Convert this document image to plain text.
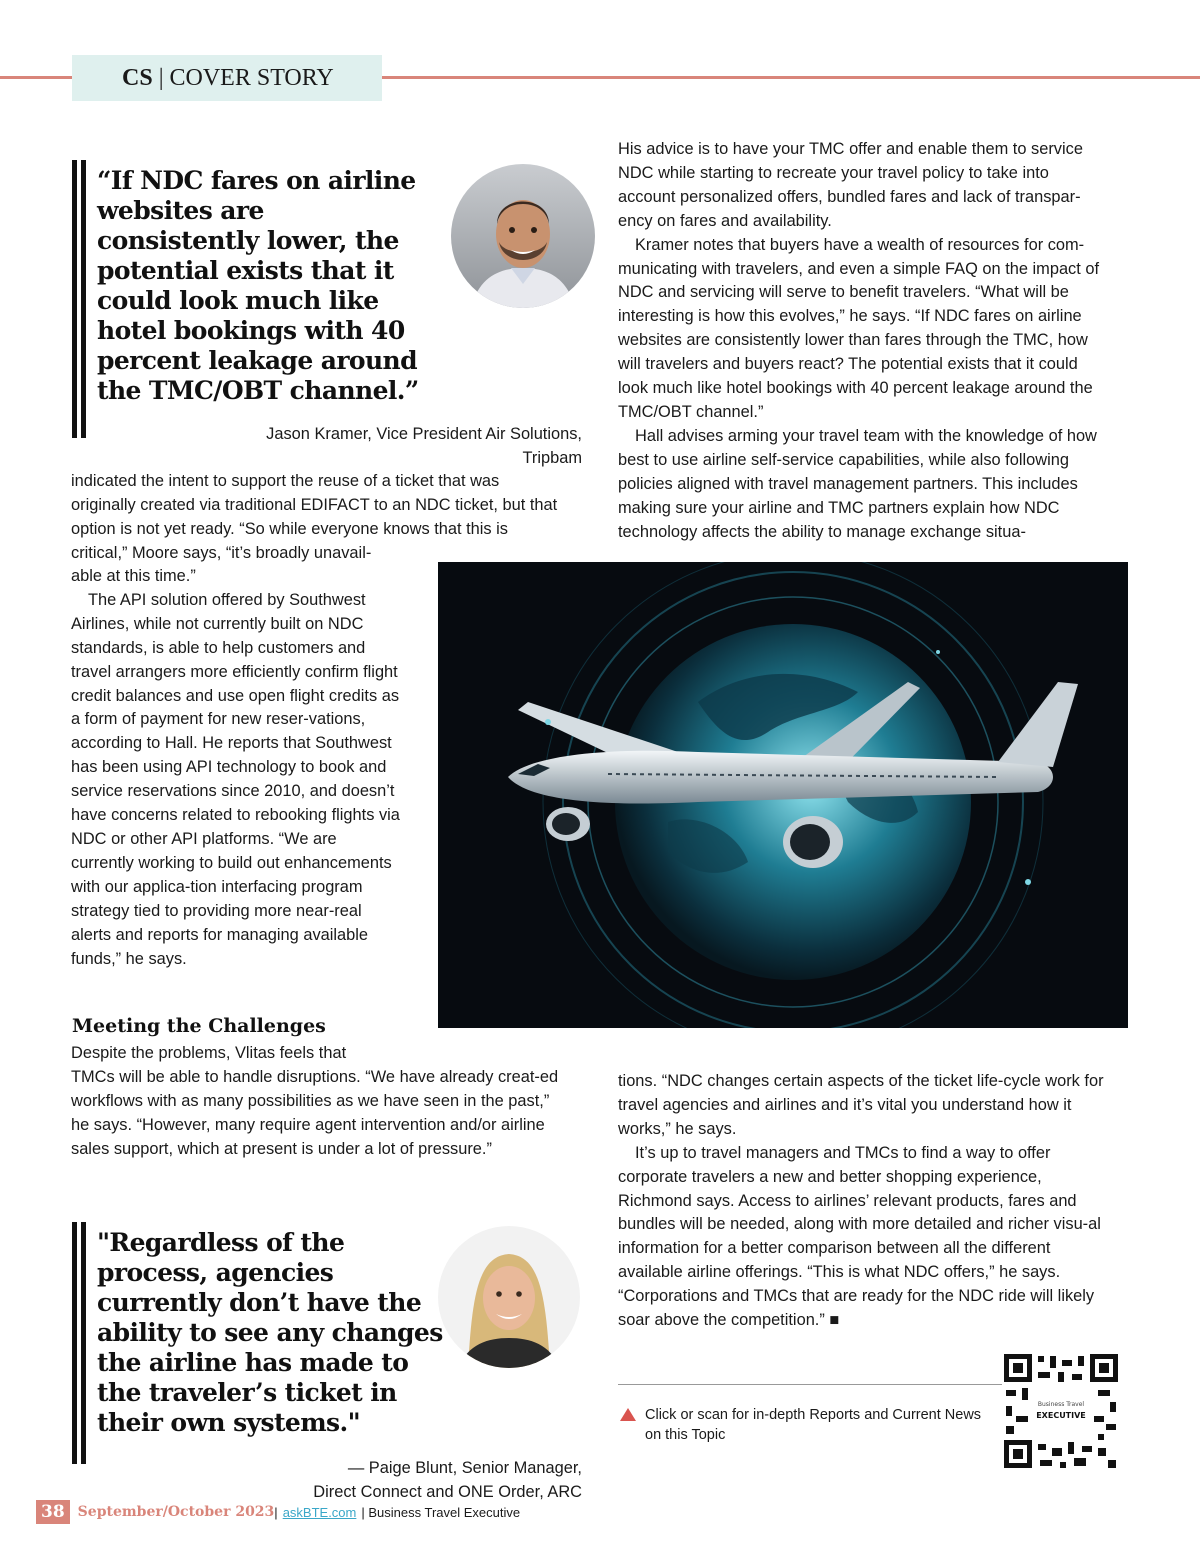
CS | COVER STORY
“If NDC fares on airline websites are consistently lower, the potential exists that it could look much like hotel bookings with 40 percent leakage around the TMC/OBT channel.”
Jason Kramer, Vice President Air Solutions,
Tripbam

indicated the intent to support the reuse of a ticket that was originally created via traditional EDIFACT to an NDC ticket, but that option is not yet ready. “So while everyone knows that this is critical,” Moore says, “it’s broadly unavail-

able at this time.”

The API solution offered by Southwest Airlines, while not currently built on NDC standards, is able to help customers and travel arrangers more efficiently confirm flight credit balances and use open flight credits as a form of payment for new reser-vations, according to Hall. He reports that Southwest has been using API technology to book and service reservations since 2010, and doesn’t have concerns related to rebooking flights via NDC or other API platforms. “We are currently working to build out enhancements with our applica-tion interfacing program strategy tied to providing more near-real alerts and reports for managing available funds,” he says.

Meeting the Challenges

Despite the problems, Vlitas feels that

TMCs will be able to handle disruptions. “We have already creat-ed workflows with as many possibilities as we have seen in the past,” he says. “However, many require agent intervention and/or airline sales support, which at present is under a lot of pressure.”

His advice is to have your TMC offer and enable them to service NDC while starting to recreate your travel policy to take into account personalized offers, bundled fares and lack of transpar-ency on fares and availability.

Kramer notes that buyers have a wealth of resources for com-municating with travelers, and even a simple FAQ on the impact of NDC and servicing will serve to benefit travelers. “What will be interesting is how this evolves,” he says. “If NDC fares on airline websites are consistently lower than fares through the TMC, how will travelers and buyers react? The potential exists that it could look much like hotel bookings with 40 percent leakage around the TMC/OBT channel.”

Hall advises arming your travel team with the knowledge of how best to use airline self-service capabilities, while also following policies aligned with travel management partners. This includes making sure your airline and TMC partners explain how NDC technology affects the ability to manage exchange situa-

tions. “NDC changes certain aspects of the ticket life-cycle work for travel agencies and airlines and it’s vital you understand how it works,” he says.

It’s up to travel managers and TMCs to find a way to offer corporate travelers a new and better shopping experience, Richmond says. Access to airlines’ relevant products, fares and bundles will be needed, along with more detailed and richer visu-al information for a better comparison between all the different available airline offerings. “This is what NDC offers,” he says. “Corporations and TMCs that are ready for the NDC ride will likely soar above the competition.” ■

"Regardless of the process, agencies currently don’t have the ability to see any changes the airline has made to the traveler’s ticket in their own systems."
— Paige Blunt, Senior Manager,
Direct Connect and ONE Order, ARC
Click or scan for in-depth Reports and Current News on this Topic
Business Travel
EXECUTIVE
38 September/October 2023 | askBTE.com | Business Travel Executive
